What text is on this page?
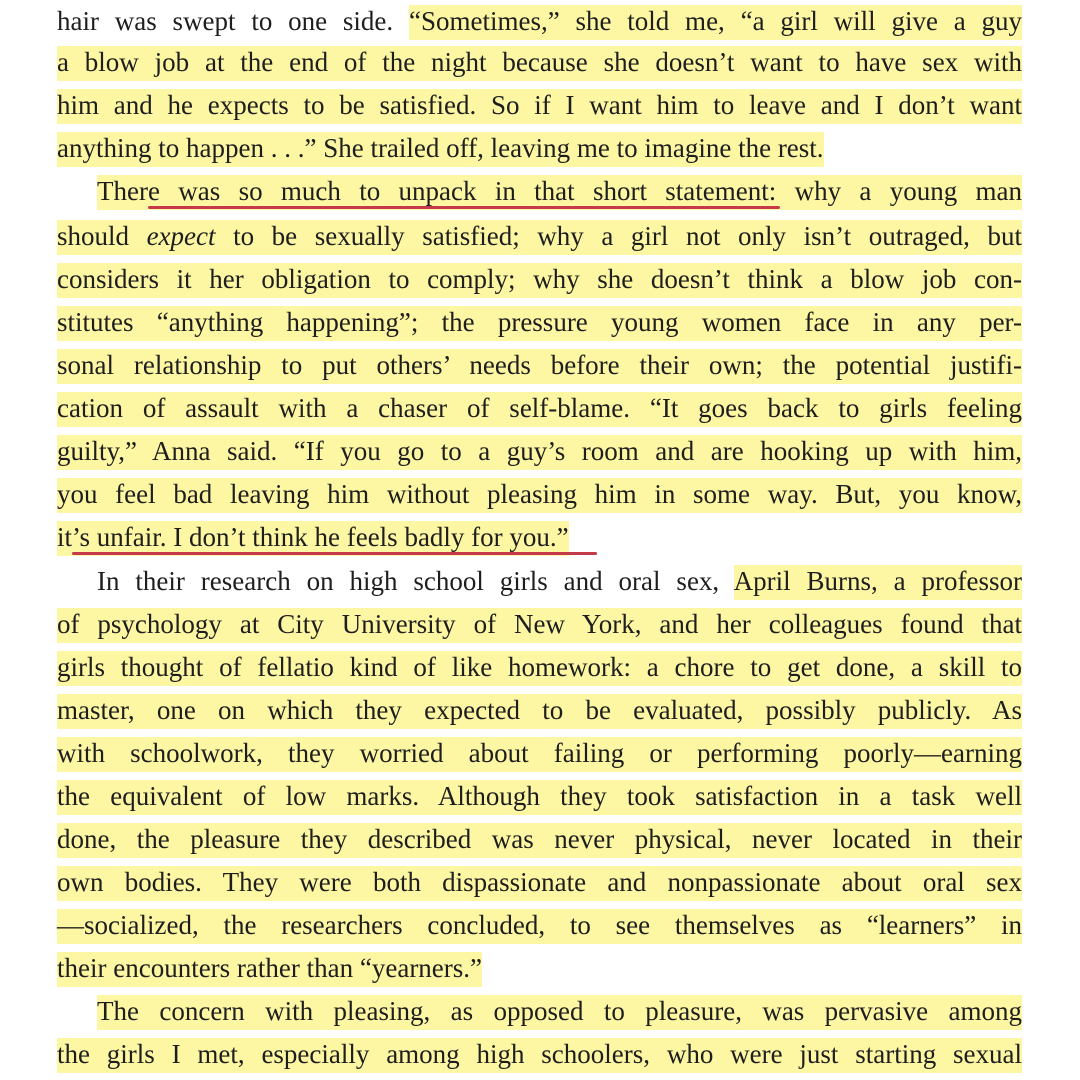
hair was swept to one side. “Sometimes,” she told me, “a girl will give a guy
a blow job at the end of the night because she doesn’t want to have sex with
him and he expects to be satisfied. So if I want him to leave and I don’t want
anything to happen . . .” She trailed off, leaving me to imagine the rest.
There was so much to unpack in that short statement: why a young man
should expect to be sexually satisfied; why a girl not only isn’t outraged, but
considers it her obligation to comply; why she doesn’t think a blow job con-
stitutes “anything happening”; the pressure young women face in any per-
sonal relationship to put others’ needs before their own; the potential justifi-
cation of assault with a chaser of self-blame. “It goes back to girls feeling
guilty,” Anna said. “If you go to a guy’s room and are hooking up with him,
you feel bad leaving him without pleasing him in some way. But, you know,
it’s unfair. I don’t think he feels badly for you.”
In their research on high school girls and oral sex, April Burns, a professor
of psychology at City University of New York, and her colleagues found that
girls thought of fellatio kind of like homework: a chore to get done, a skill to
master, one on which they expected to be evaluated, possibly publicly. As
with schoolwork, they worried about failing or performing poorly—earning
the equivalent of low marks. Although they took satisfaction in a task well
done, the pleasure they described was never physical, never located in their
own bodies. They were both dispassionate and nonpassionate about oral sex
—socialized, the researchers concluded, to see themselves as “learners” in
their encounters rather than “yearners.”
The concern with pleasing, as opposed to pleasure, was pervasive among
the girls I met, especially among high schoolers, who were just starting sexual
